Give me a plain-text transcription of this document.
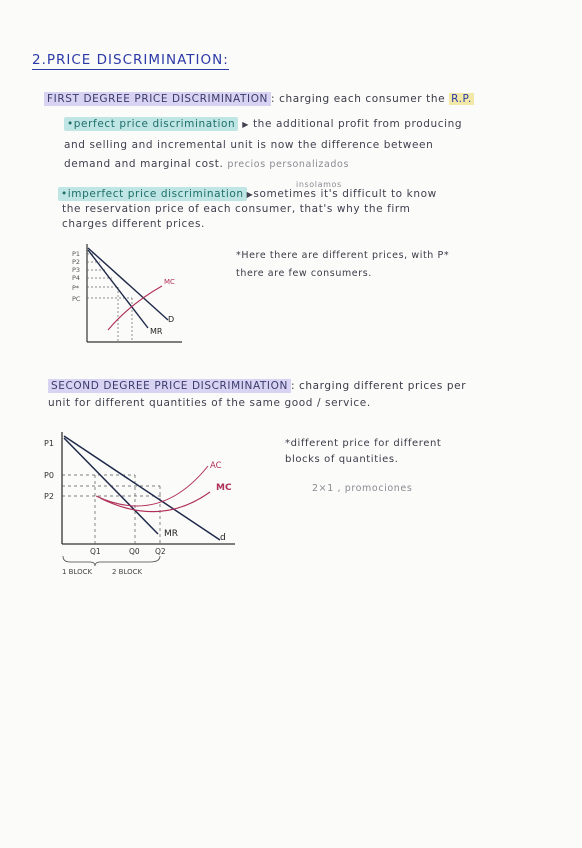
2.PRICE DISCRIMINATION:
FIRST DEGREE PRICE DISCRIMINATION : charging each consumer the R.P.
•perfect price discrimination ▶ the additional profit from producing
and selling and incremental unit is now the difference between
demand and marginal cost. precios personalizados
insolamos
•imperfect price discrimination ▶sometimes it's difficult to know
the reservation price of each consumer, that's why the firm
charges different prices.
P1
P2
P3
P4
P*
PC
MC
D
MR
*Here there are different prices, with P*
there are few consumers.
SECOND DEGREE PRICE DISCRIMINATION : charging different prices per
unit for different quantities of the same good / service.
P1
P0
P2
AC
MC
MR	d
Q1	Q0 Q2
1 BLOCK	2 BLOCK
*different price for different
blocks of quantities.
2×1 , promociones
